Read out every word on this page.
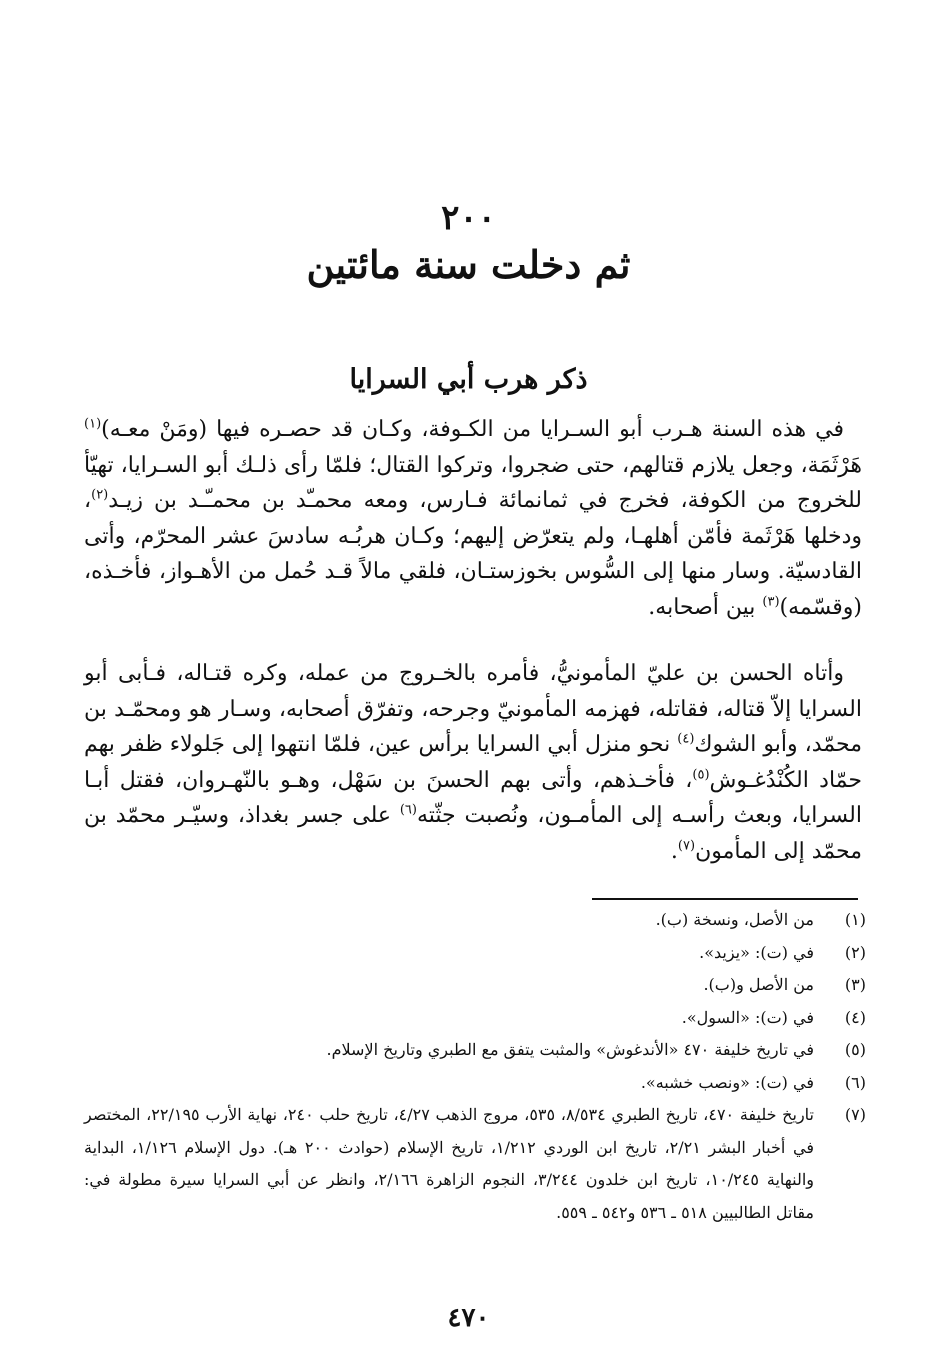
٢٠٠
ثم دخلت سنة مائتين
ذكر هرب أبي السرايا

في هذه السنة هـرب أبو السـرايا من الكـوفة، وكـان قد حصـره فيها (ومَنْ معـه)$^{(١)}$ هَرْثَمَة، وجعل يلازم قتالهم، حتى ضجروا، وتركوا القتال؛ فلمّا رأى ذلـك أبو السـرايا، تهيّأ للخروج من الكوفة، فخرج في ثمانمائة فـارس، ومعه محمـّد بن محمـّـد بن زيـد$^{(٢)}$، ودخلها هَرْثَمة فأمّن أهلهـا، ولم يتعرّض إليهم؛ وكـان هربُـه سادسَ عشر المحرّم، وأتى القادسيّة. وسار منها إلى السُّوس بخوزستـان، فلقي مالاً قـد حُمل من الأهـواز، فأخـذه، (وقسّمه)$^{(٣)}$ بين أصحابه.

وأتاه الحسن بن عليّ المأمونيُّ، فأمره بالخـروج من عمله، وكره قتـاله، فـأبى أبو السرايا إلاّ قتاله، فقاتله، فهزمه المأمونيّ وجرحه، وتفرّق أصحابه، وسـار هو ومحمّـد بن محمّد، وأبو الشوك$^{(٤)}$ نحو منزل أبي السرايا برأس عين، فلمّا انتهوا إلى جَلولاء ظفر بهم حمّاد الكُنْدُغـوش$^{(٥)}$، فأخـذهم، وأتى بهم الحسنَ بن سَهْل، وهـو بالنّهـروان، فقتل أبـا السرايا، وبعث رأسـه إلى المأمـون، ونُصبت جثّته$^{(٦)}$ على جسر بغداذ، وسيّـر محمّد بن محمّد إلى المأمون$^{(٧)}$.

(١)
من الأصل، ونسخة (ب).
(٢)
في (ت): «يزيد».
(٣)
من الأصل و(ب).
(٤)
في (ت): «السول».
(٥)
في تاريخ خليفة ٤٧٠ «الأندغوش» والمثبت يتفق مع الطبري وتاريخ الإسلام.
(٦)
في (ت): «ونصب خشبه».
(٧)
تاريخ خليفة ٤٧٠، تاريخ الطبري ٨/٥٣٤، ٥٣٥، مروج الذهب ٤/٢٧، تاريخ حلب ٢٤٠، نهاية الأرب ٢٢/١٩٥، المختصر في أخبار البشر ٢/٢١، تاريخ ابن الوردي ١/٢١٢، تاريخ الإسلام (حوادث ٢٠٠ هـ). دول الإسلام ١/١٢٦، البداية والنهاية ١٠/٢٤٥، تاريخ ابن خلدون ٣/٢٤٤، النجوم الزاهرة ٢/١٦٦، وانظر عن أبي السرايا سيرة مطولة في: مقاتل الطالبيين ٥١٨ ـ ٥٣٦ و٥٤٢ ـ ٥٥٩.
٤٧٠
